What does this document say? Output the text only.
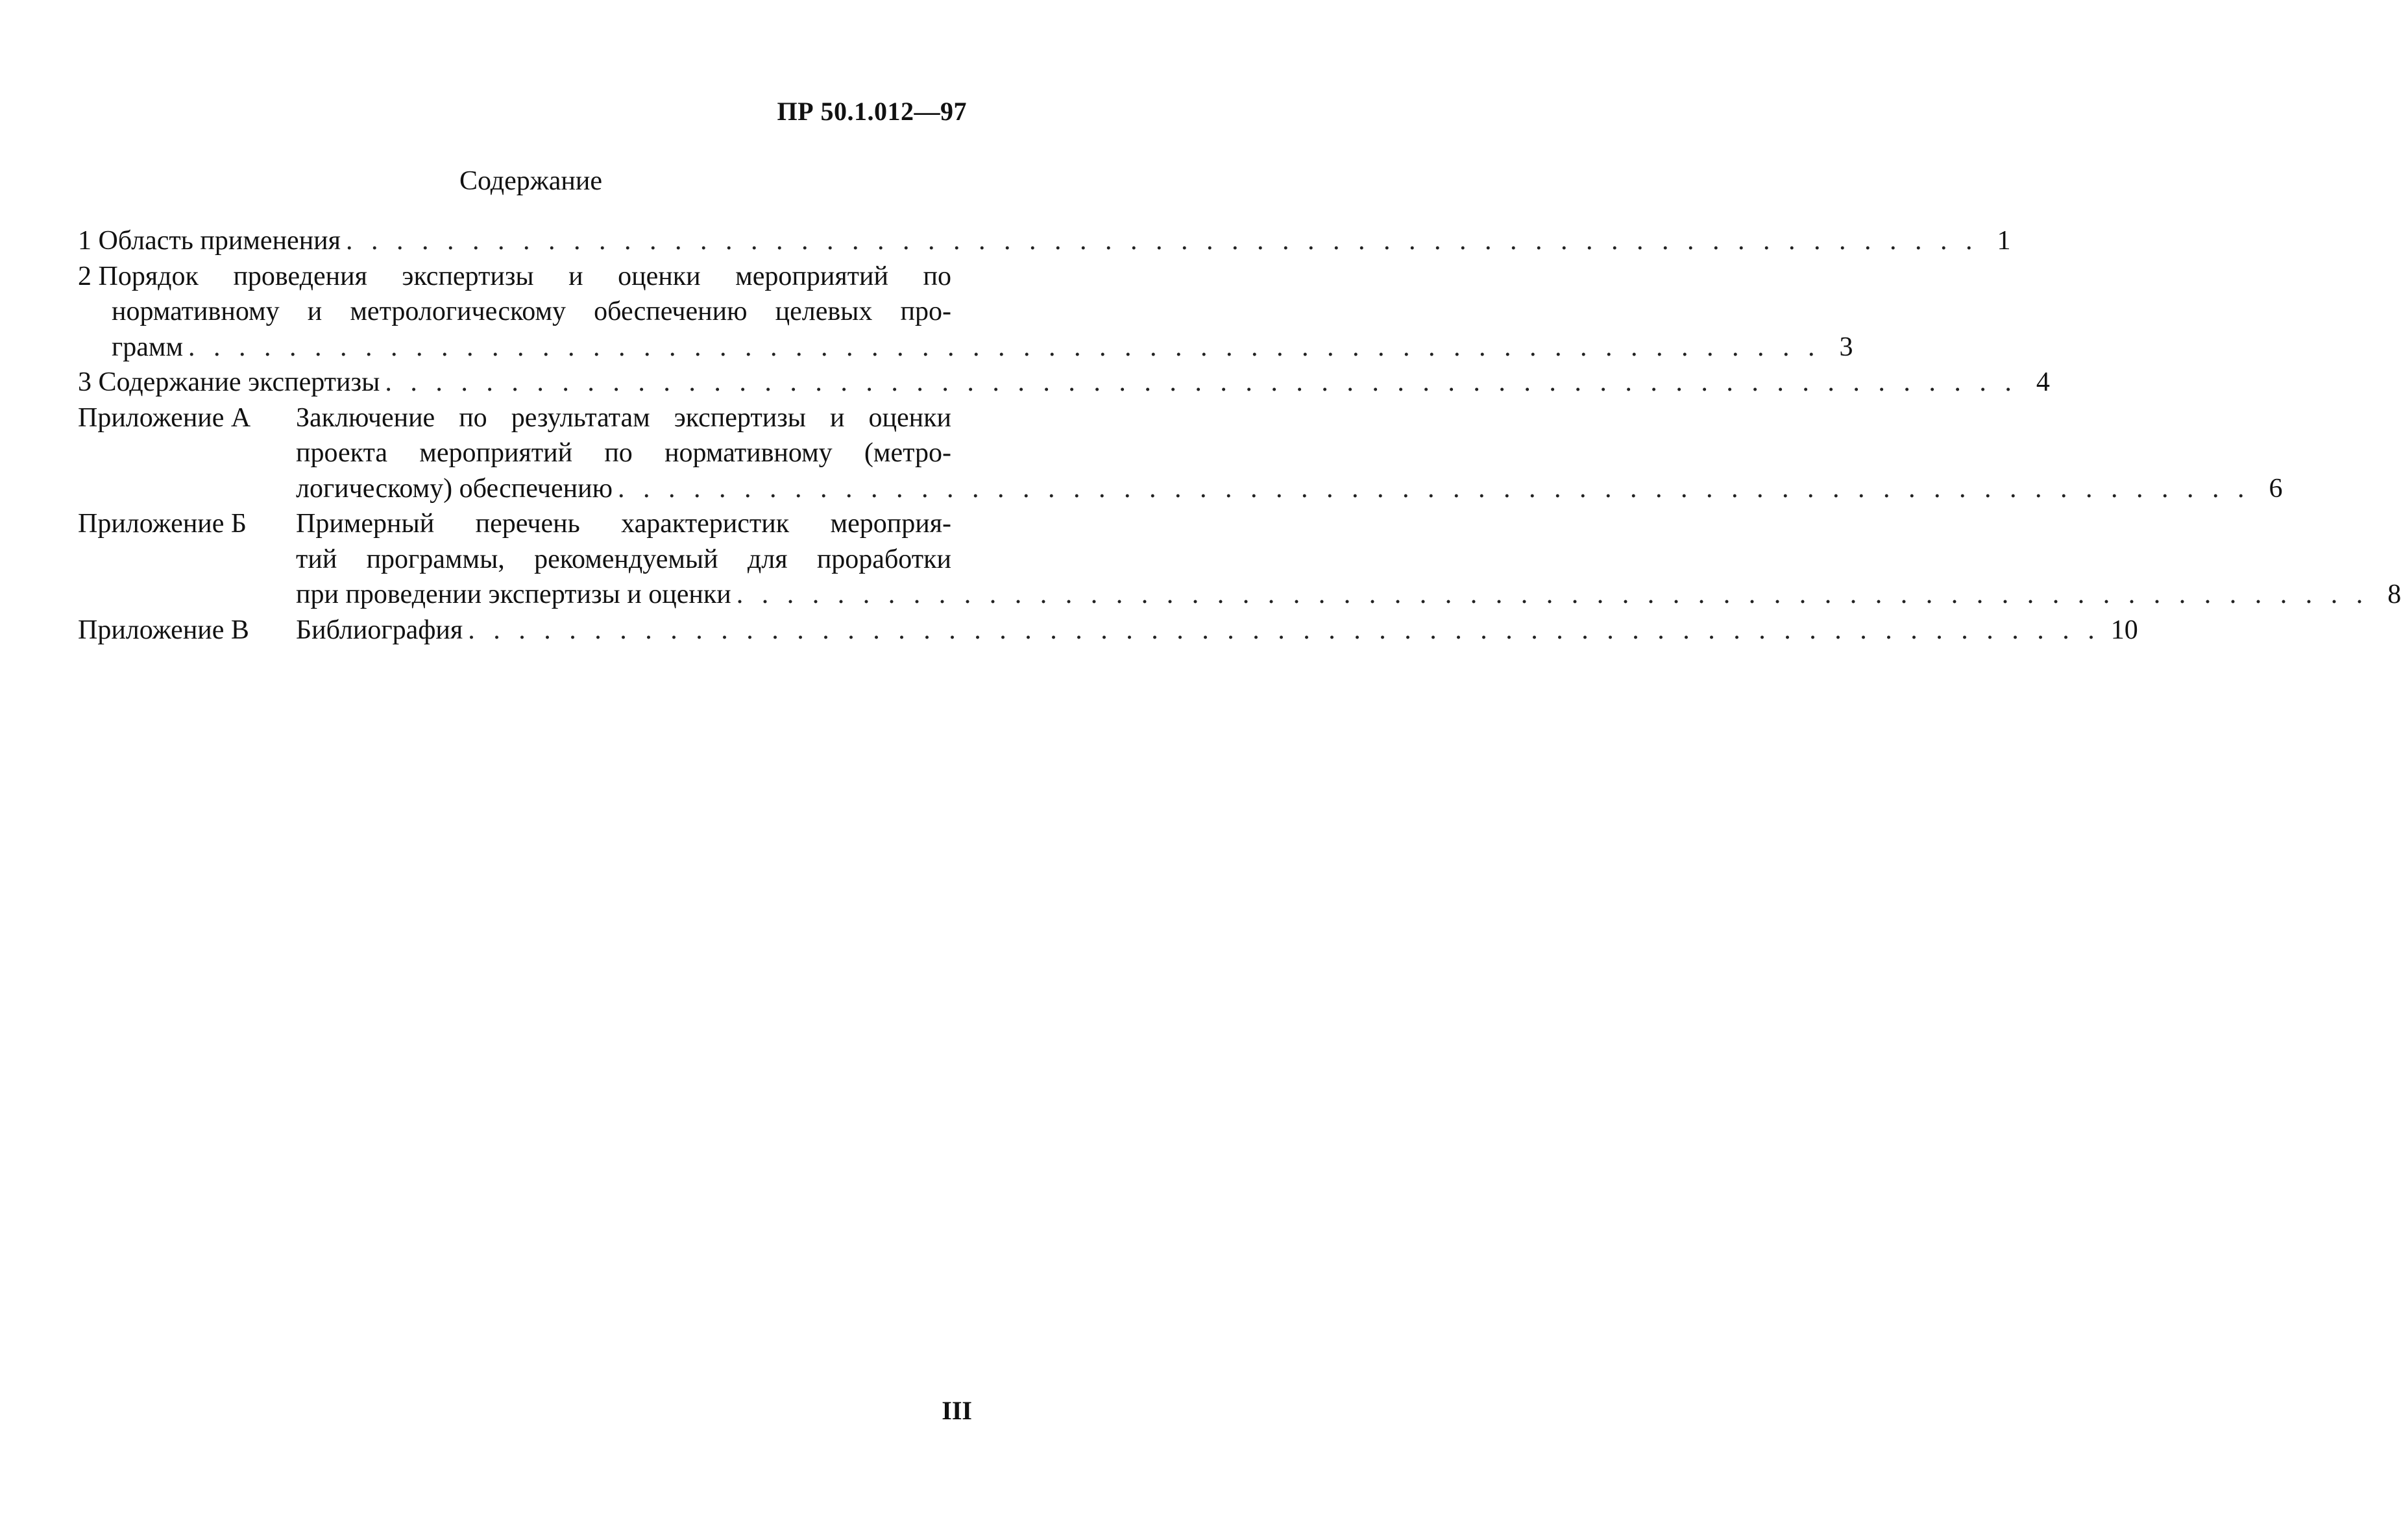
ПР 50.1.012—97
Содержание
1
Область применения . . . . . . . . . . . . . . . . . . . . . . . . . . . . . . . . . . . . . . . . . . . . . . . . . . . . . . . . . . . . . . . . . 1
2
Порядок проведения экспертизы и оценки мероприятий по
нормативному и метрологическому обеспечению целевых про-
грамм . . . . . . . . . . . . . . . . . . . . . . . . . . . . . . . . . . . . . . . . . . . . . . . . . . . . . . . . . . . . . . . . . 3
3
Содержание экспертизы . . . . . . . . . . . . . . . . . . . . . . . . . . . . . . . . . . . . . . . . . . . . . . . . . . . . . . . . . . . . . . . . . 4
Приложение А	Заключение по результатам экспертизы и оценки
проекта мероприятий по нормативному (метро-
логическому) обеспечению . . . . . . . . . . . . . . . . . . . . . . . . . . . . . . . . . . . . . . . . . . . . . . . . . . . . . . . . . . . . . . . . . 6
Приложение Б	Примерный перечень характеристик мероприя-
тий программы, рекомендуемый для проработки
при проведении экспертизы и оценки . . . . . . . . . . . . . . . . . . . . . . . . . . . . . . . . . . . . . . . . . . . . . . . . . . . . . . . . . . . . . . . . . 8
Приложение В	Библиография . . . . . . . . . . . . . . . . . . . . . . . . . . . . . . . . . . . . . . . . . . . . . . . . . . . . . . . . . . . . . . . . . 10
III
